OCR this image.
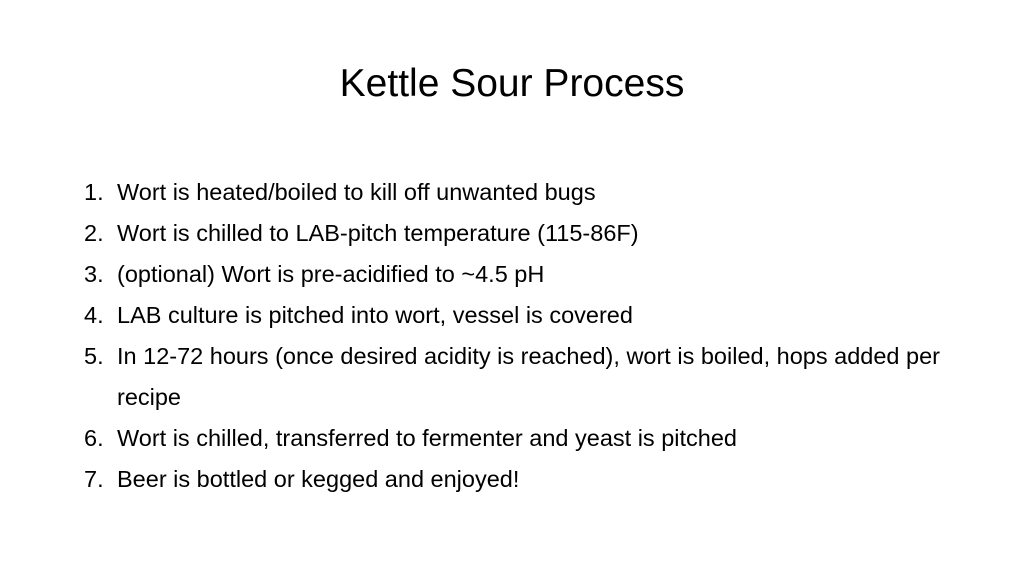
Kettle Sour Process
1. Wort is heated/boiled to kill off unwanted bugs
2. Wort is chilled to LAB-pitch temperature (115-86F)
3. (optional) Wort is pre-acidified to ~4.5 pH
4. LAB culture is pitched into wort, vessel is covered
5. In 12-72 hours (once desired acidity is reached), wort is boiled, hops added per recipe
6. Wort is chilled, transferred to fermenter and yeast is pitched
7. Beer is bottled or kegged and enjoyed!
